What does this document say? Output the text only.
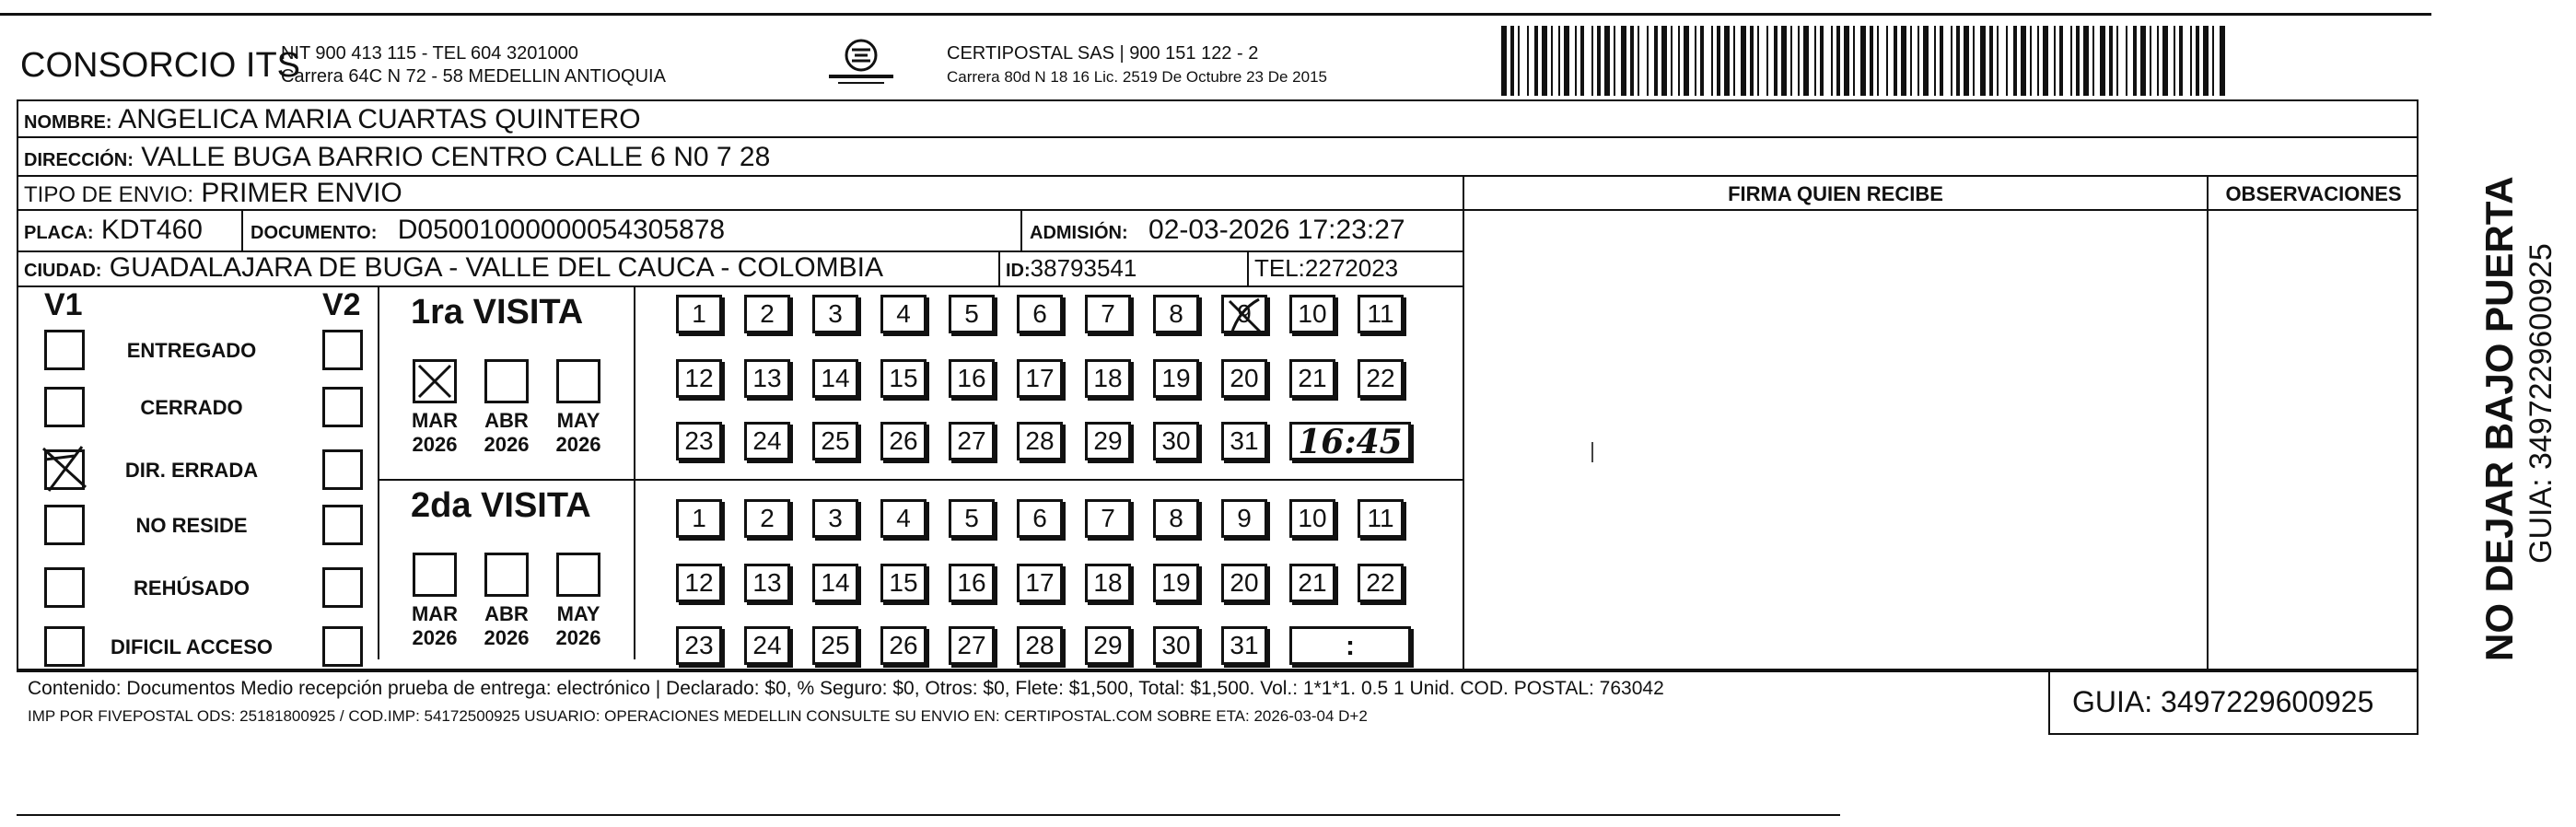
CONSORCIO ITS
NIT 900 413 115 - TEL 604 3201000
Carrera 64C N 72 - 58 MEDELLIN ANTIOQUIA
CERTIPOSTAL SAS | 900 151 122 - 2
Carrera 80d N 18 16 Lic. 2519 De Octubre 23 De 2015
NOMBRE: ANGELICA MARIA CUARTAS QUINTERO
DIRECCIÓN: VALLE BUGA BARRIO CENTRO CALLE 6 N0 7 28
TIPO DE ENVIO: PRIMER ENVIO	FIRMA QUIEN RECIBE	OBSERVACIONES
PLACA: KDT460	DOCUMENTO: D05001000000054305878	ADMISIÓN: 02-03-2026 17:23:27
CIUDAD: GUADALAJARA DE BUGA - VALLE DEL CAUCA - COLOMBIA	ID:38793541	TEL:2272023
V1	V2 1ra VISITA
2da VISITA
Contenido: Documentos Medio recepción prueba de entrega: electrónico | Declarado: $0, % Seguro: $0, Otros: $0, Flete: $1,500, Total: $1,500. Vol.: 1*1*1. 0.5 1 Unid. COD. POSTAL: 763042
IMP POR FIVEPOSTAL ODS: 25181800925 / COD.IMP: 54172500925 USUARIO: OPERACIONES MEDELLIN CONSULTE SU ENVIO EN: CERTIPOSTAL.COM SOBRE ETA: 2026-03-04 D+2	GUIA: 3497229600925
NO DEJAR BAJO PUERTA GUIA: 3497229600925
ENTREGADO
CERRADO
DIR. ERRADA
NO RESIDE
REHÚSADO
DIFICIL ACCESO
MAR
2026
ABR
2026
MAY
2026
MAR
2026
ABR
2026
MAY
2026
1	2	3	4	5	6	7	8	9	10	11
12	13	14	15	16	17	18	19	20	21	22
23	24	25	26	27	28	29	30	31 16:45
1	2	3	4	5	6	7	8	9	10	11
12	13	14	15	16	17	18	19	20	21	22
23	24	25	26	27	28	29	30	31	:
